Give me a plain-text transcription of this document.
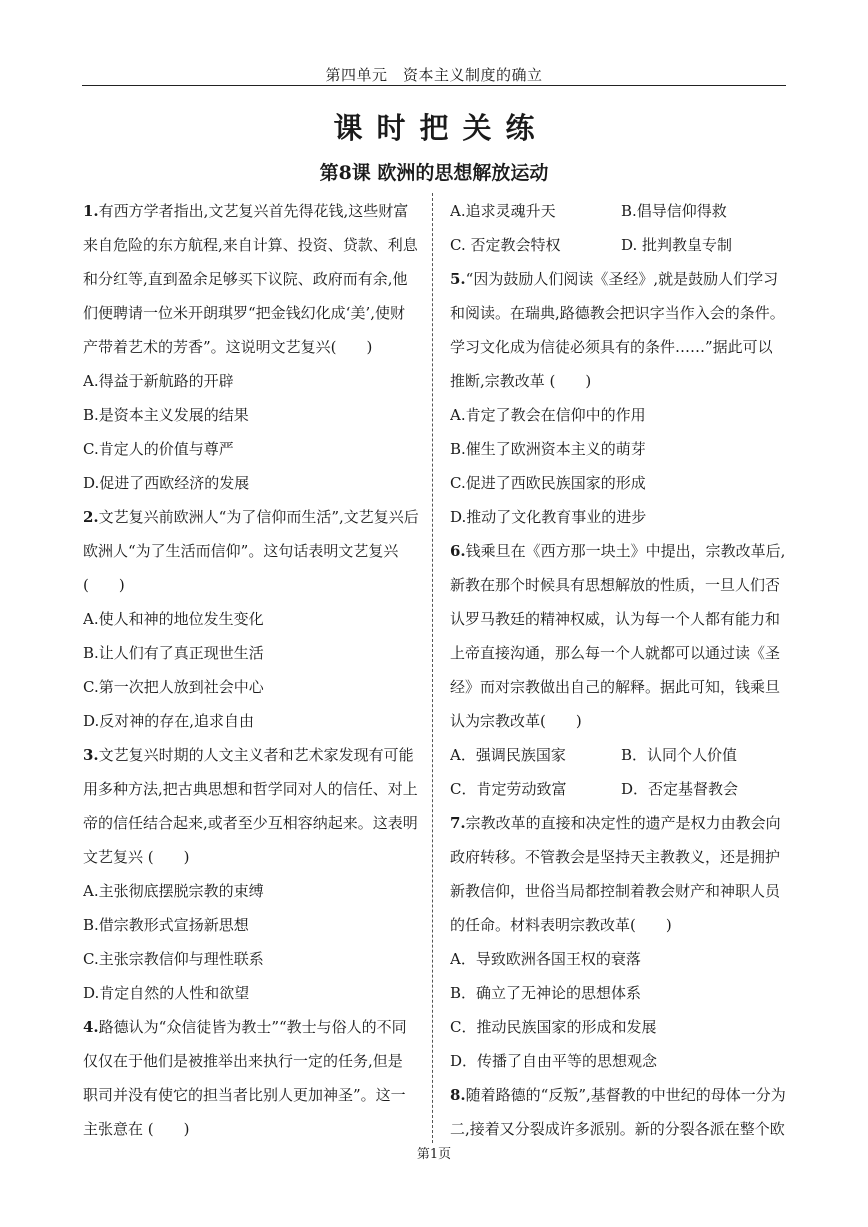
第四单元　资本主义制度的确立
课时把关练
第8课 欧洲的思想解放运动
1.有西方学者指出,文艺复兴首先得花钱,这些财富
来自危险的东方航程,来自计算、投资、贷款、利息
和分红等,直到盈余足够买下议院、政府而有余,他
们便聘请一位米开朗琪罗“把金钱幻化成‘美’,使财
产带着艺术的芳香”。这说明文艺复兴(　　)
A.得益于新航路的开辟
B.是资本主义发展的结果
C.肯定人的价值与尊严
D.促进了西欧经济的发展
2.文艺复兴前欧洲人“为了信仰而生活”,文艺复兴后
欧洲人“为了生活而信仰”。这句话表明文艺复兴
(　　)
A.使人和神的地位发生变化
B.让人们有了真正现世生活
C.第一次把人放到社会中心
D.反对神的存在,追求自由
3.文艺复兴时期的人文主义者和艺术家发现有可能
用多种方法,把古典思想和哲学同对人的信任、对上
帝的信任结合起来,或者至少互相容纳起来。这表明
文艺复兴 (　　)
A.主张彻底摆脱宗教的束缚
B.借宗教形式宣扬新思想
C.主张宗教信仰与理性联系
D.肯定自然的人性和欲望
4.路德认为“众信徒皆为教士”“教士与俗人的不同
仅仅在于他们是被推举出来执行一定的任务,但是
职司并没有使它的担当者比别人更加神圣”。这一
主张意在 (　　)
A.追求灵魂升天	B.倡导信仰得救
C. 否定教会特权	D. 批判教皇专制
5.“因为鼓励人们阅读《圣经》,就是鼓励人们学习
和阅读。在瑞典,路德教会把识字当作入会的条件。
学习文化成为信徒必须具有的条件……”据此可以
推断,宗教改革 (　　)
A.肯定了教会在信仰中的作用
B.催生了欧洲资本主义的萌芽
C.促进了西欧民族国家的形成
D.推动了文化教育事业的进步
6.钱乘旦在《西方那一块土》中提出，宗教改革后,
新教在那个时候具有思想解放的性质，一旦人们否
认罗马教廷的精神权威，认为每一个人都有能力和
上帝直接沟通，那么每一个人就都可以通过读《圣
经》而对宗教做出自己的解释。据此可知，钱乘旦
认为宗教改革(　　)
A．强调民族国家	B．认同个人价值
C．肯定劳动致富	D．否定基督教会
7.宗教改革的直接和决定性的遗产是权力由教会向
政府转移。不管教会是坚持天主教教义，还是拥护
新教信仰，世俗当局都控制着教会财产和神职人员
的任命。材料表明宗教改革(　　)
A．导致欧洲各国王权的衰落
B．确立了无神论的思想体系
C．推动民族国家的形成和发展
D．传播了自由平等的思想观念
8.随着路德的“反叛”,基督教的中世纪的母体一分为
二,接着又分裂成许多派别。新的分裂各派在整个欧
第1页
